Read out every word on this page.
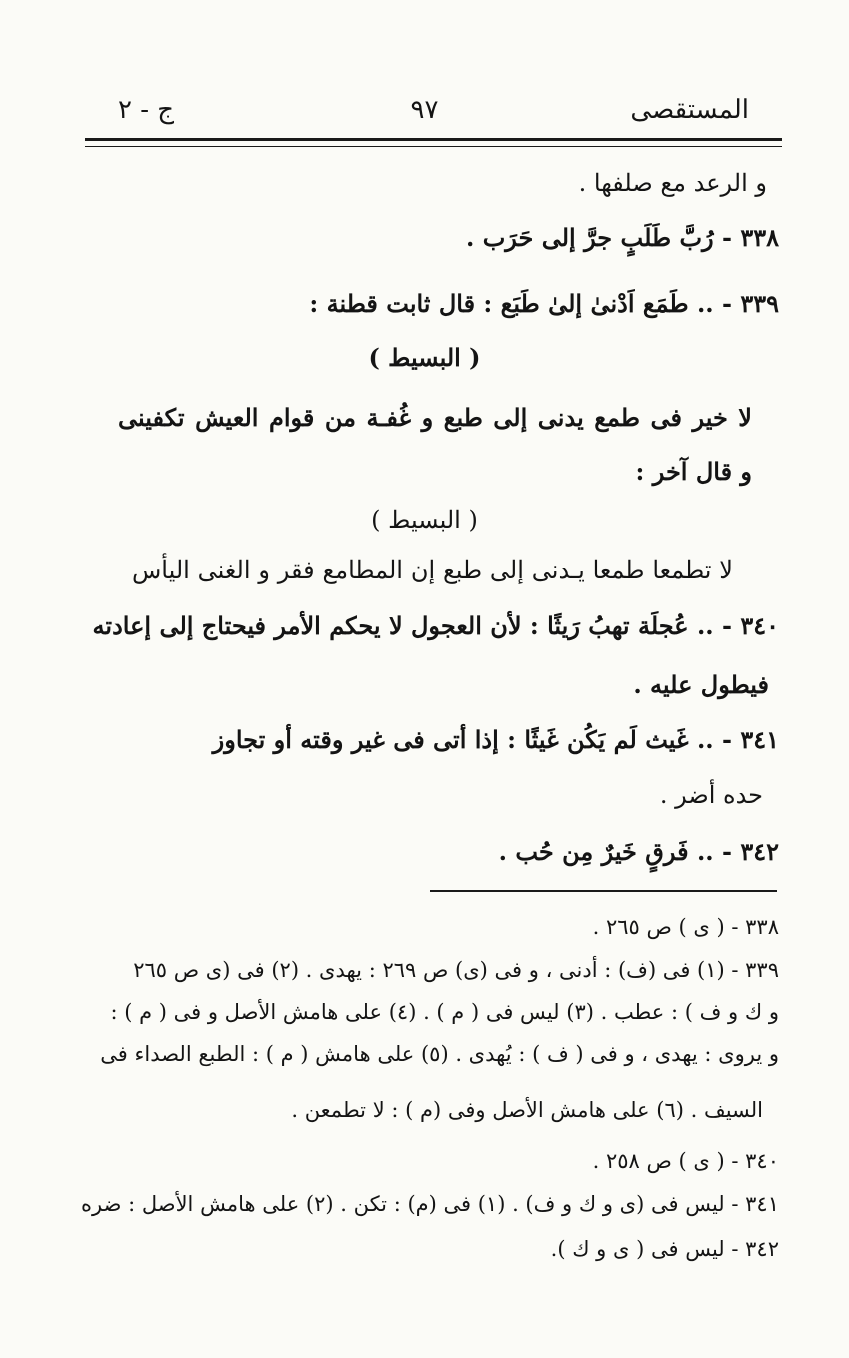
المستقصى
٩٧
ج - ٢
و الرعد مع صلفها .
٣٣٨ - رُبَّ طَلَبٍ جرَّ إلى حَرَب .
٣٣٩ - .. طَمَع اَدْنىٰ إلىٰ طَبَع : قال ثابت قطنة :
( البسيط )
لا خير فى طمع يدنى إلى طبع و غُفـة من قوام العيش تكفينى
و قال آخر :
( البسيط )
لا تطمعا طمعا يـدنى إلى طبع إن المطامع فقر و الغنى اليأس
٣٤٠ - .. عُجلَة تهبُ رَيثًا : لأن العجول لا يحكم الأمر فيحتاج إلى إعادته
فيطول عليه .
٣٤١ - .. غَيث لَم يَكُن غَيثًا : إذا أتى فى غير وقته أو تجاوز
حده أضر .
٣٤٢ - .. فَرقٍ خَيرٌ مِن حُب .
٣٣٨ - ( ى ) ص ٢٦٥ .
٣٣٩ - (١) فى (ف) : أدنى ، و فى (ى) ص ٢٦٩ : يهدى . (٢) فى (ى ص ٢٦٥
و ك و ف ) : عطب . (٣) ليس فى ( م ) . (٤) على هامش الأصل و فى ( م ) :
و يروى : يهدى ، و فى ( ف ) : يُهدى . (٥) على هامش ( م ) : الطبع الصداء فى
السيف . (٦) على هامش الأصل وفى (م ) : لا تطمعن .
٣٤٠ - ( ى ) ص ٢٥٨ .
٣٤١ - ليس فى (ى و ك و ف) . (١) فى (م) : تكن . (٢) على هامش الأصل : ضره
٣٤٢ - ليس فى ( ى و ك ).
